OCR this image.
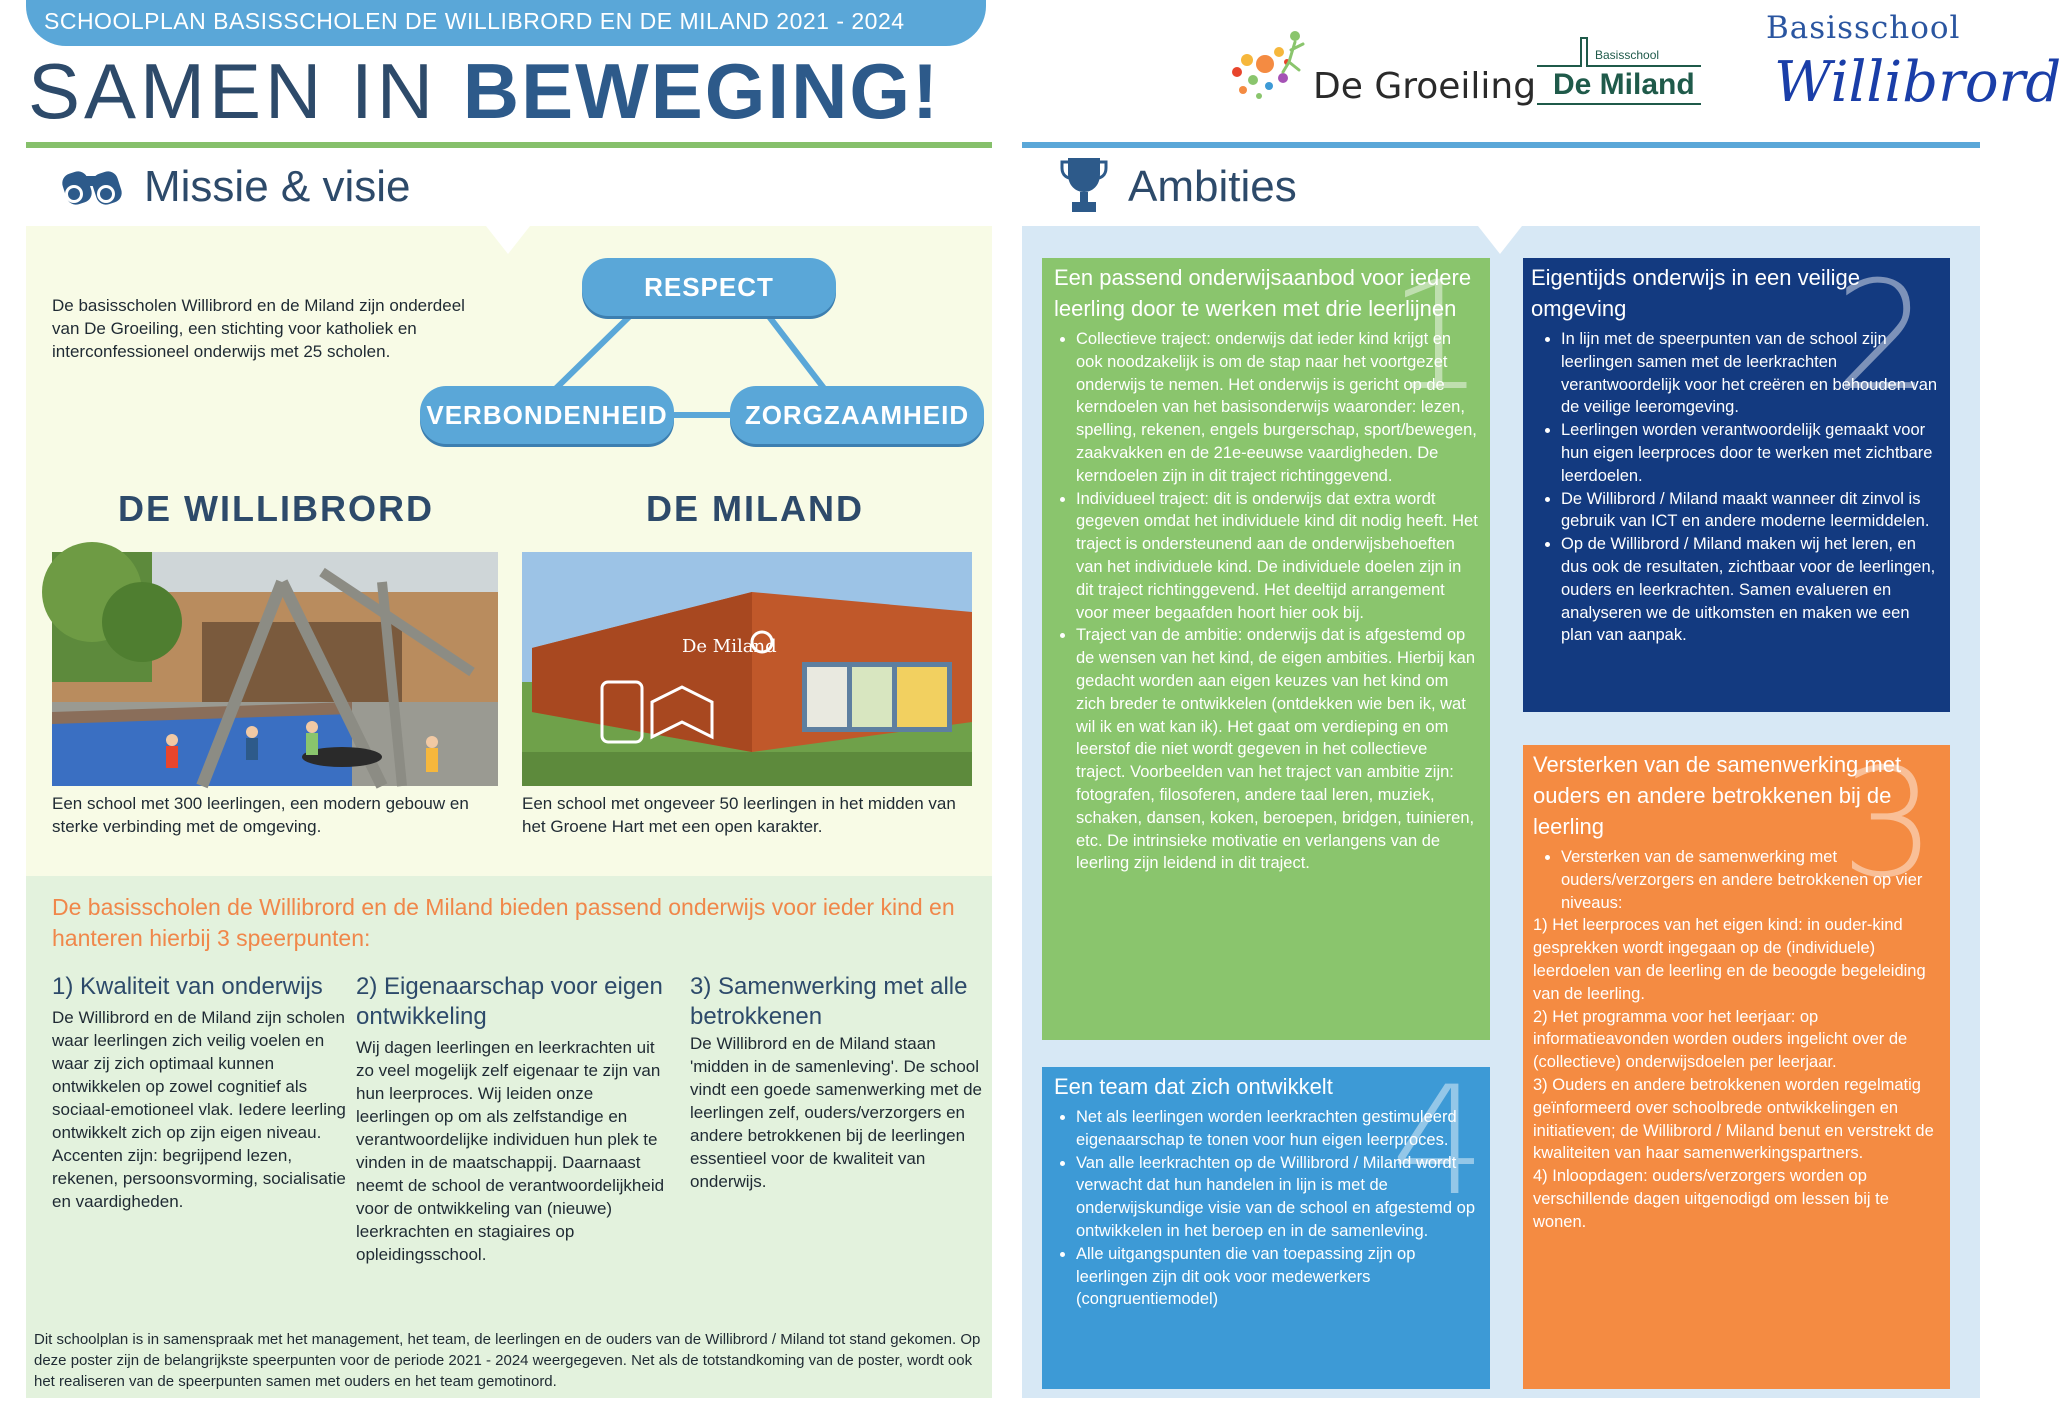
SCHOOLPLAN BASISSCHOLEN DE WILLIBRORD EN DE MILAND 2021 - 2024
SAMEN IN BEWEGING!	De Groeiling
Basisschool
De Miland
Basisschool
Willibrord
Missie & visie
De basisscholen Willibrord en de Miland zijn onderdeel van De Groeiling, een stichting voor katholiek en interconfessioneel onderwijs met 25 scholen.
RESPECT
VERBONDENHEID	ZORGZAAMHEID
DE WILLIBRORD	DE MILAND
De Miland
Een school met 300 leerlingen, een modern gebouw en sterke verbinding met de omgeving.
Een school met ongeveer 50 leerlingen in het midden van het Groene Hart met een open karakter.
De basisscholen de Willibrord en de Miland bieden passend onderwijs voor ieder kind en hanteren hierbij 3 speerpunten:
1) Kwaliteit van onderwijs
De Willibrord en de Miland zijn scholen waar leerlingen zich veilig voelen en waar zij zich optimaal kunnen ontwikkelen op zowel cognitief als sociaal-emotioneel vlak. Iedere leerling ontwikkelt zich op zijn eigen niveau. Accenten zijn: begrijpend lezen, rekenen, persoonsvorming, socialisatie en vaardigheden.
2) Eigenaarschap voor eigen ontwikkeling
Wij dagen leerlingen en leerkrachten uit zo veel mogelijk zelf eigenaar te zijn van hun leerproces. Wij leiden onze leerlingen op om als zelfstandige en verantwoordelijke individuen hun plek te vinden in de maatschappij. Daarnaast neemt de school de verantwoordelijkheid voor de ontwikkeling van (nieuwe) leerkrachten en stagiaires op opleidingsschool.
3) Samenwerking met alle betrokkenen
De Willibrord en de Miland staan 'midden in de samenleving'. De school vindt een goede samenwerking met de leerlingen zelf, ouders/verzorgers en andere betrokkenen bij de leerlingen essentieel voor de kwaliteit van onderwijs.
Dit schoolplan is in samenspraak met het management, het team, de leerlingen en de ouders van de Willibrord / Miland tot stand gekomen. Op deze poster zijn de belangrijkste speerpunten voor de periode 2021 - 2024 weergegeven. Net als de totstandkoming van de poster, wordt ook het realiseren van de speerpunten samen met ouders en het team gemotinord.
Ambities
1
Een passend onderwijsaanbod voor iedere leerling door te werken met drie leerlijnen
• Collectieve traject: onderwijs dat ieder kind krijgt en ook noodzakelijk is om de stap naar het voortgezet onderwijs te nemen. Het onderwijs is gericht op de kerndoelen van het basisonderwijs waaronder: lezen, spelling, rekenen, engels burgerschap, sport/bewegen, zaakvakken en de 21e-eeuwse vaardigheden. De kerndoelen zijn in dit traject richtinggevend.
• Individueel traject: dit is onderwijs dat extra wordt gegeven omdat het individuele kind dit nodig heeft. Het traject is ondersteunend aan de onderwijsbehoeften van het individuele kind. De individuele doelen zijn in dit traject richtinggevend. Het deeltijd arrangement voor meer begaafden hoort hier ook bij.
• Traject van de ambitie: onderwijs dat is afgestemd op de wensen van het kind, de eigen ambities. Hierbij kan gedacht worden aan eigen keuzes van het kind om zich breder te ontwikkelen (ontdekken wie ben ik, wat wil ik en wat kan ik). Het gaat om verdieping en om leerstof die niet wordt gegeven in het collectieve traject. Voorbeelden van het traject van ambitie zijn: fotografen, filosoferen, andere taal leren, muziek, schaken, dansen, koken, beroepen, bridgen, tuinieren, etc. De intrinsieke motivatie en verlangens van de leerling zijn leidend in dit traject.
2
Eigentijds onderwijs in een veilige omgeving
• In lijn met de speerpunten van de school zijn leerlingen samen met de leerkrachten verantwoordelijk voor het creëren en behouden van de veilige leeromgeving.
• Leerlingen worden verantwoordelijk gemaakt voor hun eigen leerproces door te werken met zichtbare leerdoelen.
• De Willibrord / Miland maakt wanneer dit zinvol is gebruik van ICT en andere moderne leermiddelen.
• Op de Willibrord / Miland maken wij het leren, en dus ook de resultaten, zichtbaar voor de leerlingen, ouders en leerkrachten. Samen evalueren en analyseren we de uitkomsten en maken we een plan van aanpak.
3
Versterken van de samenwerking met ouders en andere betrokkenen bij de leerling
• Versterken van de samenwerking met ouders/verzorgers en andere betrokkenen op vier niveaus:
1) Het leerproces van het eigen kind: in ouder-kind gesprekken wordt ingegaan op de (individuele) leerdoelen van de leerling en de beoogde begeleiding van de leerling.
2) Het programma voor het leerjaar: op informatieavonden worden ouders ingelicht over de (collectieve) onderwijsdoelen per leerjaar.
3) Ouders en andere betrokkenen worden regelmatig geïnformeerd over schoolbrede ontwikkelingen en initiatieven; de Willibrord / Miland benut en verstrekt de kwaliteiten van haar samenwerkingspartners.
4) Inloopdagen: ouders/verzorgers worden op verschillende dagen uitgenodigd om lessen bij te wonen.
4
Een team dat zich ontwikkelt
• Net als leerlingen worden leerkrachten gestimuleerd eigenaarschap te tonen voor hun eigen leerproces.
• Van alle leerkrachten op de Willibrord / Miland wordt verwacht dat hun handelen in lijn is met de onderwijskundige visie van de school en afgestemd op ontwikkelen in het beroep en in de samenleving.
• Alle uitgangspunten die van toepassing zijn op leerlingen zijn dit ook voor medewerkers (congruentiemodel)
